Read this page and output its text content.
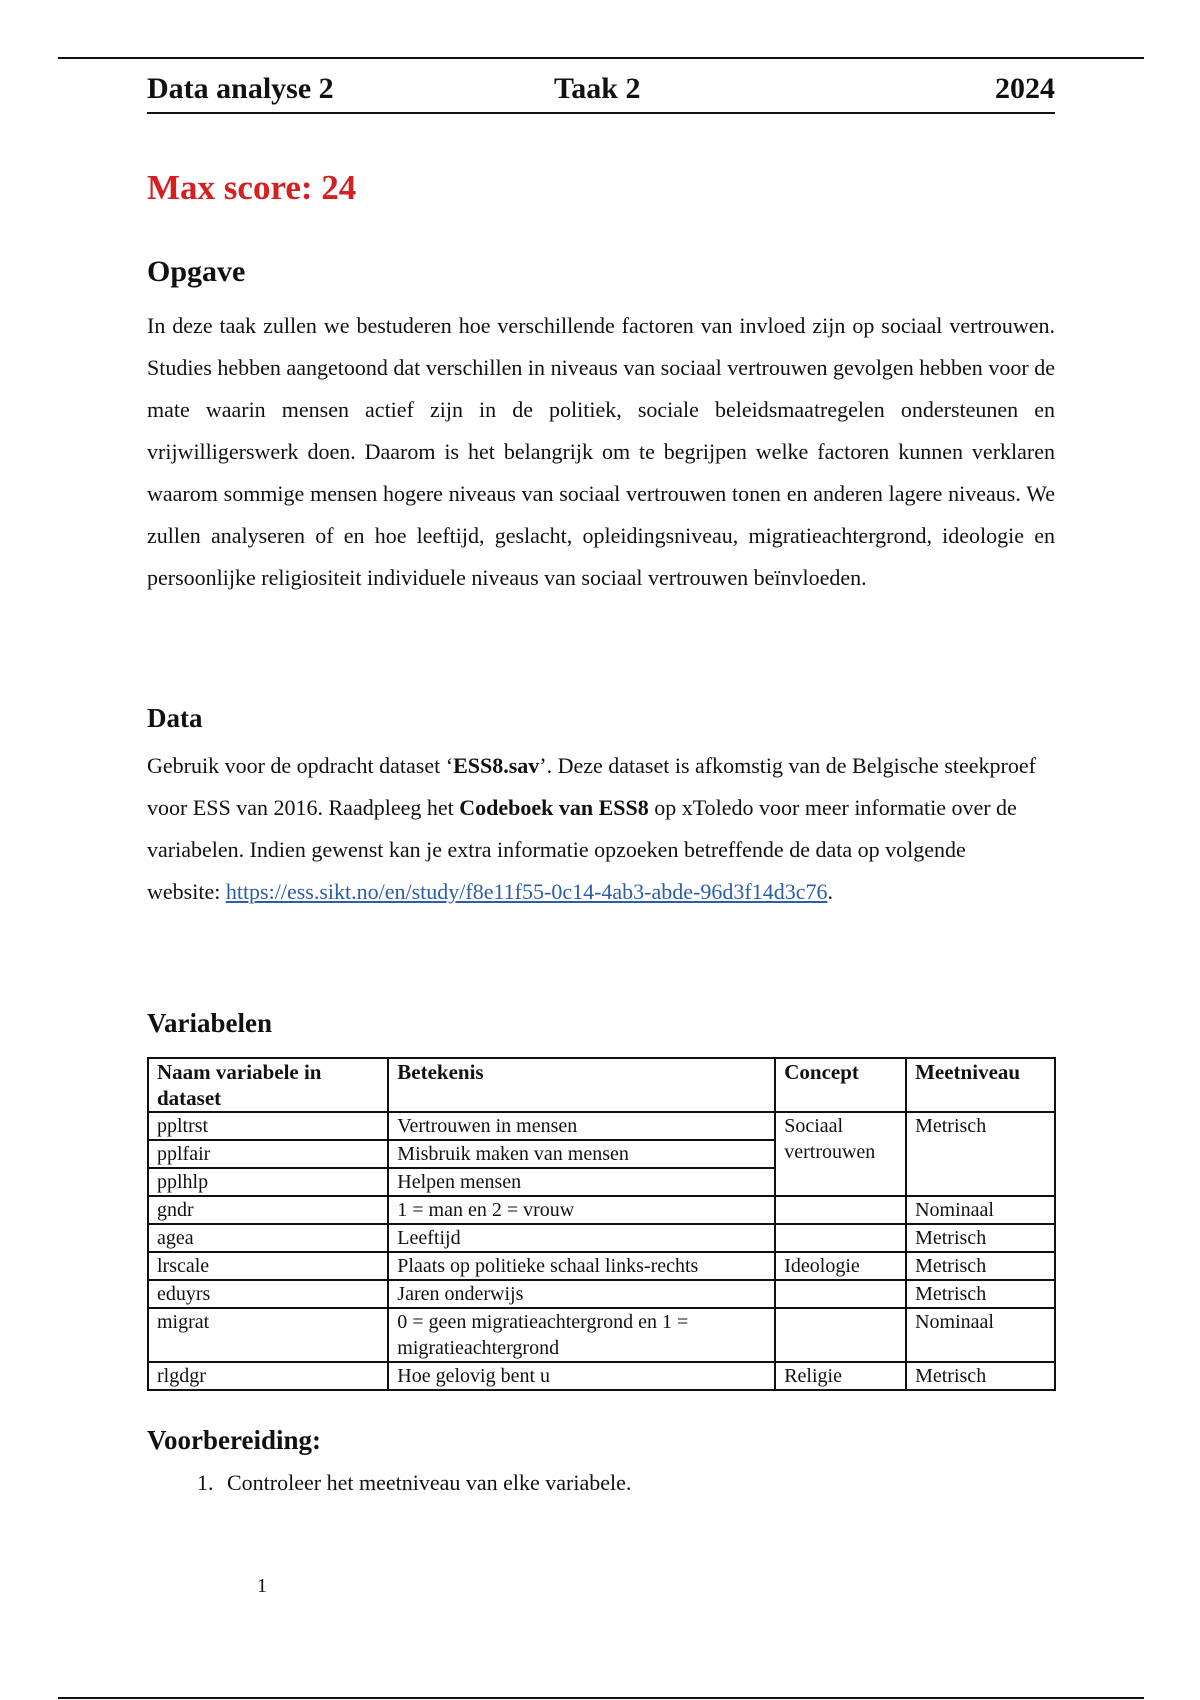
Data analyse 2	Taak 2	2024
Max score: 24
Opgave

In deze taak zullen we bestuderen hoe verschillende factoren van invloed zijn op sociaal vertrouwen. Studies hebben aangetoond dat verschillen in niveaus van sociaal vertrouwen gevolgen hebben voor de mate waarin mensen actief zijn in de politiek, sociale beleidsmaatregelen ondersteunen en vrijwilligerswerk doen. Daarom is het belangrijk om te begrijpen welke factoren kunnen verklaren waarom sommige mensen hogere niveaus van sociaal vertrouwen tonen en anderen lagere niveaus. We zullen analyseren of en hoe leeftijd, geslacht, opleidingsniveau, migratieachtergrond, ideologie en persoonlijke religiositeit individuele niveaus van sociaal vertrouwen beïnvloeden.

Data

Gebruik voor de opdracht dataset ‘ESS8.sav’. Deze dataset is afkomstig van de Belgische steekproef voor ESS van 2016. Raadpleeg het Codeboek van ESS8 op xToledo voor meer informatie over de variabelen. Indien gewenst kan je extra informatie opzoeken betreffende de data op volgende website: https://ess.sikt.no/en/study/f8e11f55-0c14-4ab3-abde-96d3f14d3c76.

Variabelen
Naam variabele in dataset	Betekenis	Concept	Meetniveau
ppltrst	Vertrouwen in mensen	Sociaal vertrouwen	Metrisch
pplfair	Misbruik maken van mensen		
pplhlp	Helpen mensen		
gndr	1 = man en 2 = vrouw		Nominaal
agea	Leeftijd		Metrisch
lrscale	Plaats op politieke schaal links-rechts	Ideologie	Metrisch
eduyrs	Jaren onderwijs		Metrisch
migrat	0 = geen migratieachtergrond en 1 = migratieachtergrond		Nominaal
rlgdgr	Hoe gelovig bent u	Religie	Metrisch
Voorbereiding:
1. Controleer het meetniveau van elke variabele.
1
